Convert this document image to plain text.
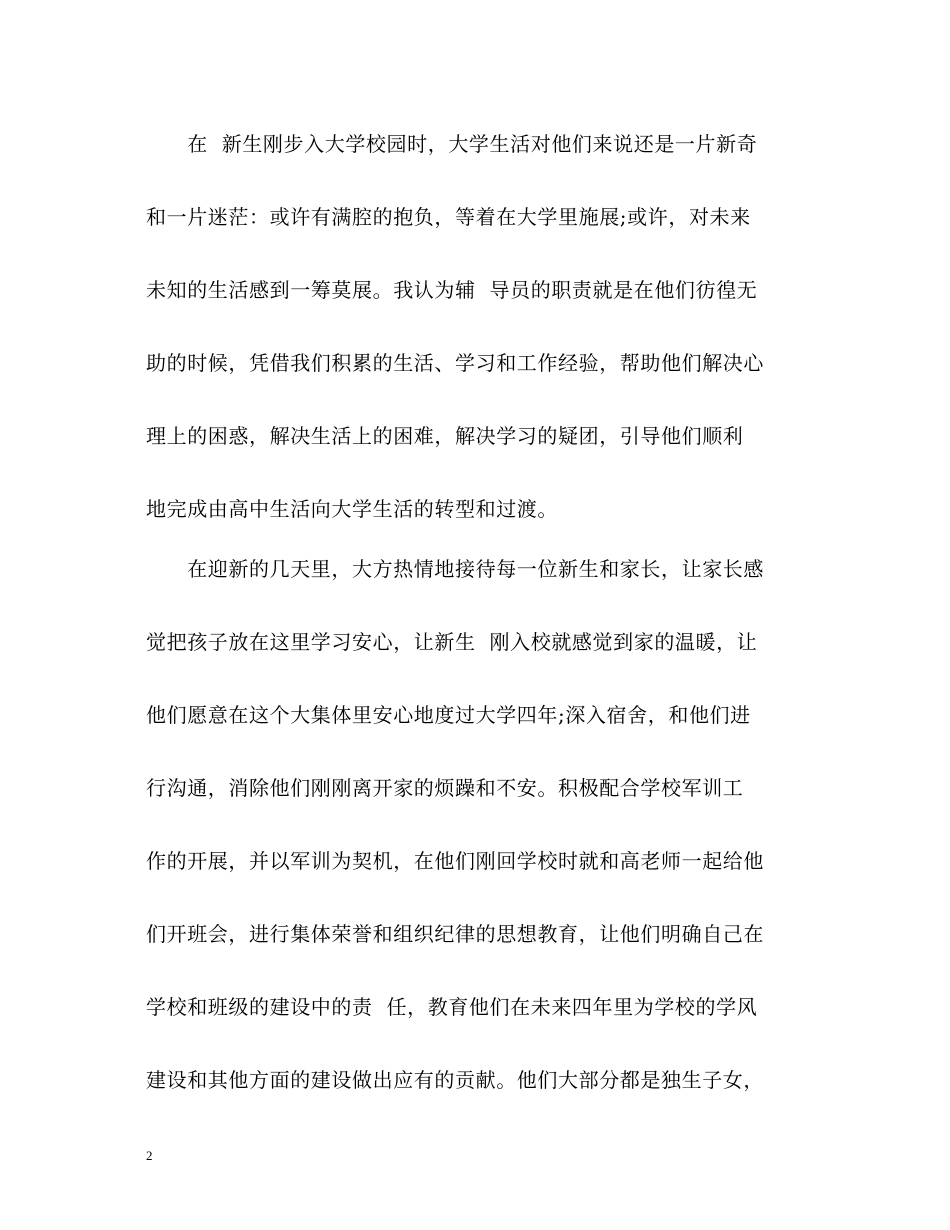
　　在  新生刚步入大学校园时，大学生活对他们来说还是一片新奇
和一片迷茫：或许有满腔的抱负，等着在大学里施展;或许，对未来
未知的生活感到一筹莫展。我认为辅  导员的职责就是在他们彷徨无
助的时候，凭借我们积累的生活、学习和工作经验，帮助他们解决心
理上的困惑，解决生活上的困难，解决学习的疑团，引导他们顺利
地完成由高中生活向大学生活的转型和过渡。
　　在迎新的几天里，大方热情地接待每一位新生和家长，让家长感
觉把孩子放在这里学习安心，让新生  刚入校就感觉到家的温暖，让
他们愿意在这个大集体里安心地度过大学四年;深入宿舍，和他们进
行沟通，消除他们刚刚离开家的烦躁和不安。积极配合学校军训工
作的开展，并以军训为契机，在他们刚回学校时就和高老师一起给他
们开班会，进行集体荣誉和组织纪律的思想教育，让他们明确自己在
学校和班级的建设中的责  任，教育他们在未来四年里为学校的学风
建设和其他方面的建设做出应有的贡献。他们大部分都是独生子女，
2
